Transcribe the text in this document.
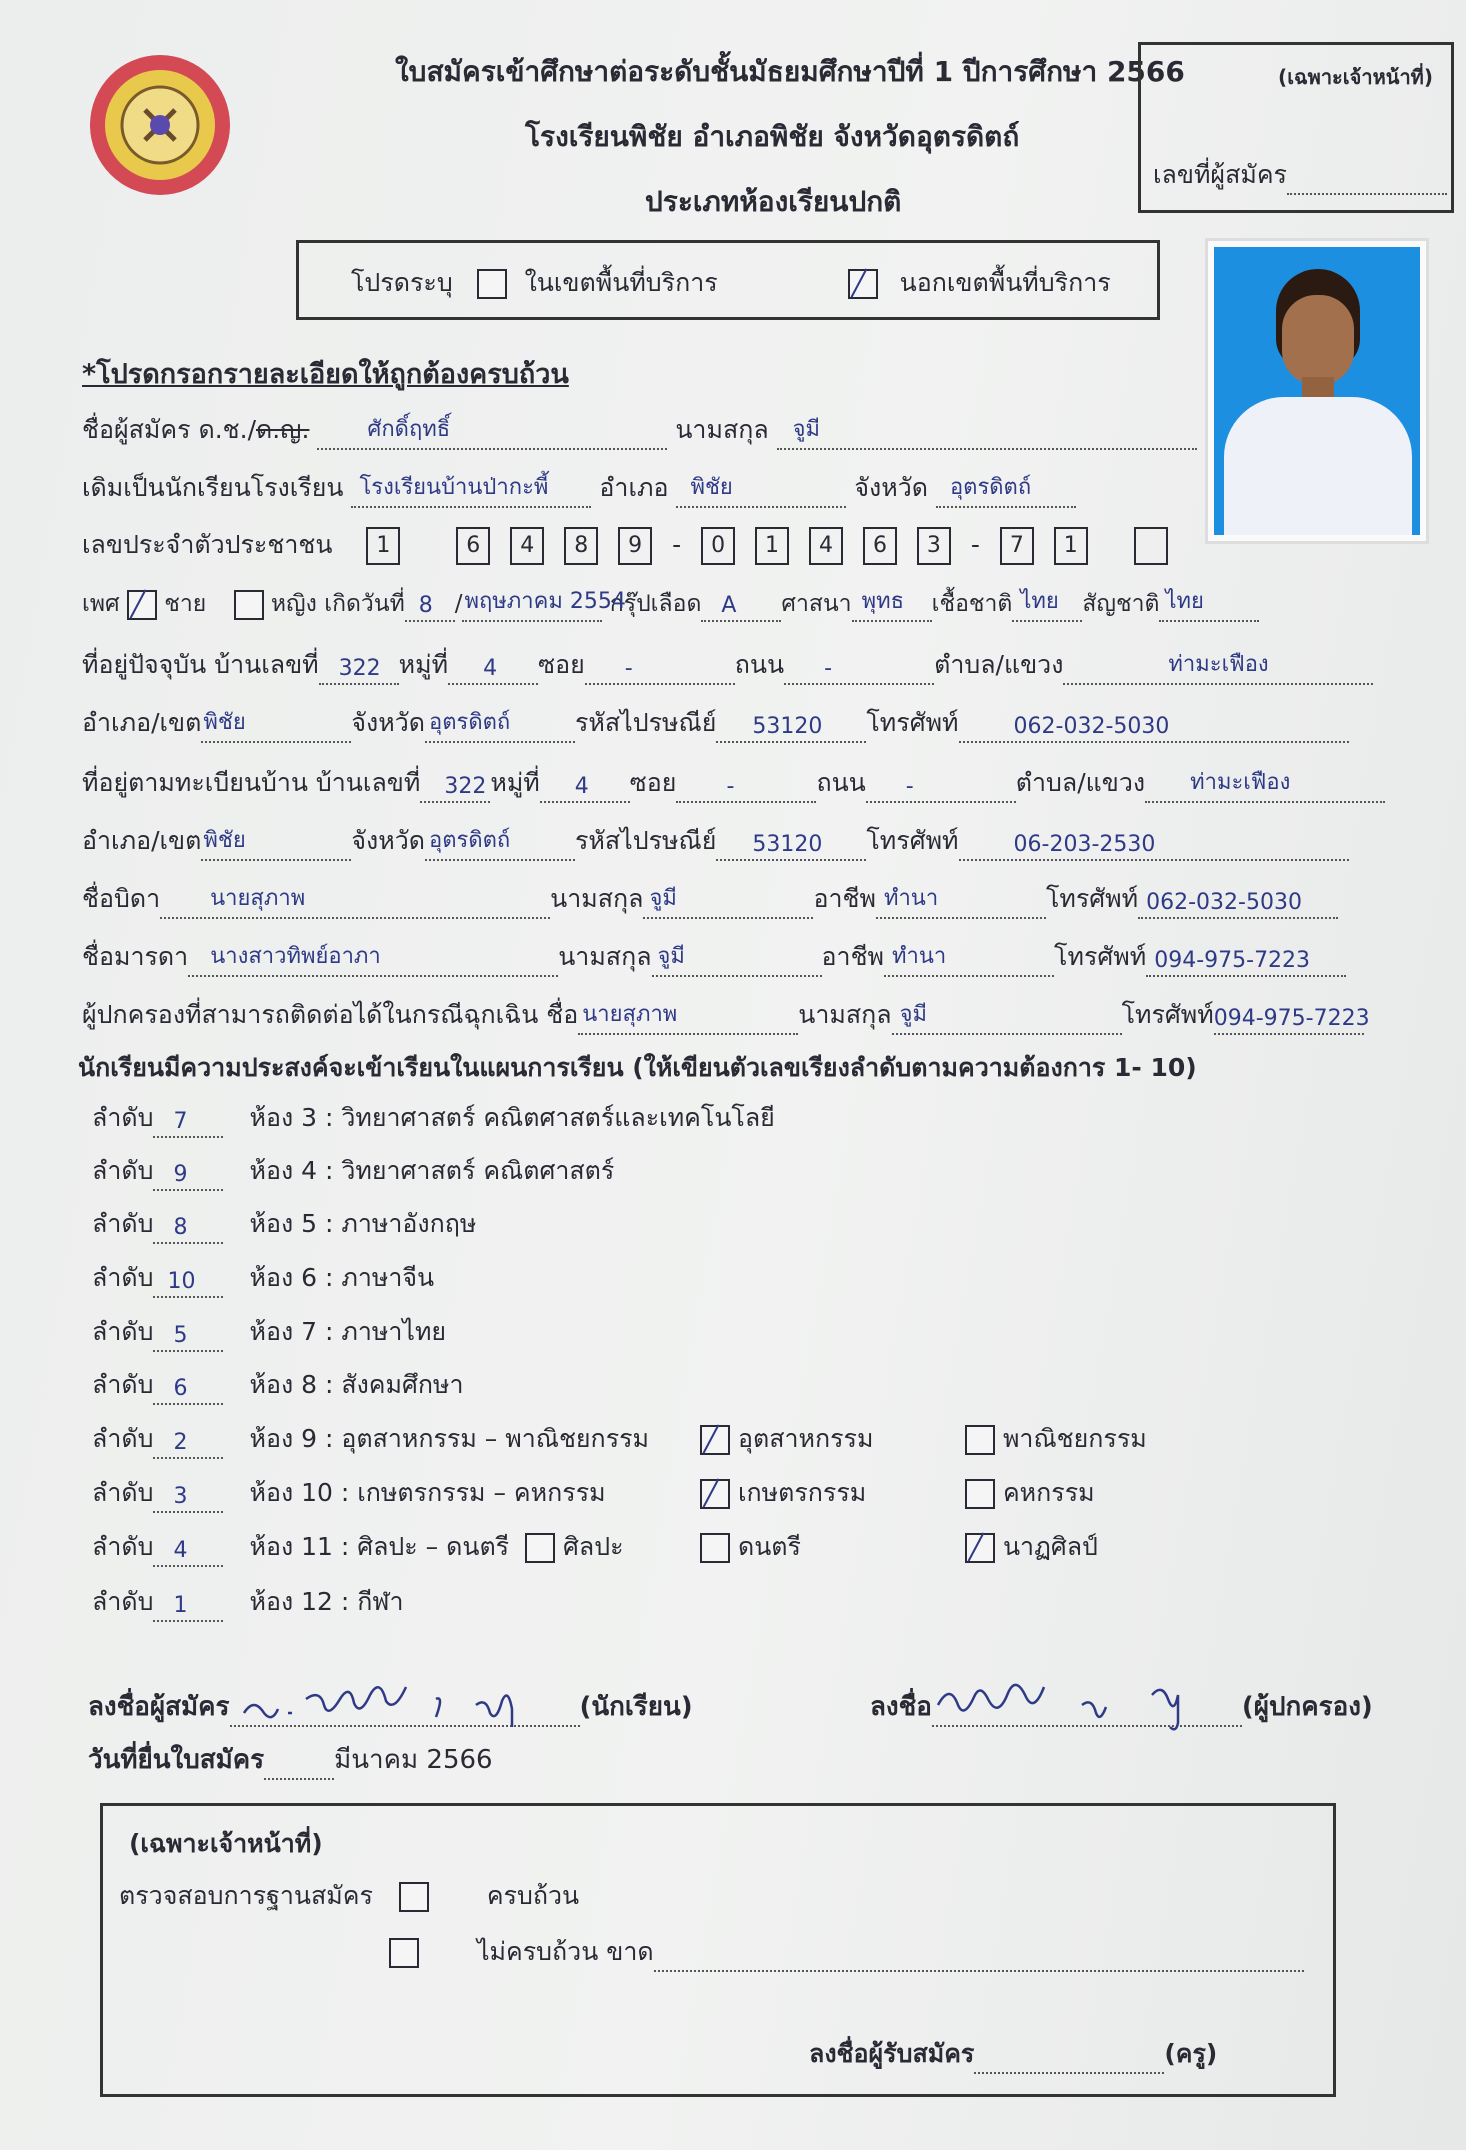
ใบสมัครเข้าศึกษาต่อระดับชั้นมัธยมศึกษาปีที่ 1 ปีการศึกษา 2566
โรงเรียนพิชัย อำเภอพิชัย จังหวัดอุตรดิตถ์
ประเภทห้องเรียนปกติ
(เฉพาะเจ้าหน้าที่)
เลขที่ผู้สมัคร
โปรดระบุ	ในเขตพื้นที่บริการ	นอกเขตพื้นที่บริการ
*โปรดกรอกรายละเอียดให้ถูกต้องครบถ้วน
ชื่อผู้สมัคร ด.ช./ด.ญ.	ศักดิ์ฤทธิ์	นามสกุล จูมี
เดิมเป็นนักเรียนโรงเรียน โรงเรียนบ้านป่ากะพี้ อำเภอ พิชัย	จังหวัด อุตรดิตถ์
เลขประจำตัวประชาชน 1	6 4 8 9 - 0 1 4 6 3 - 7 1
เพศ ชาย	หญิง เกิดวันที่ 8 / พฤษภาคม 2554
กรุ๊ปเลือด A ศาสนา พุทธ เชื้อชาติ ไทย สัญชาติ ไทย
ที่อยู่ปัจจุบัน บ้านเลขที่ 322 หมู่ที่ 4 ซอย -	ถนน -	ตำบล/แขวง	ท่ามะเฟือง
อำเภอ/เขต พิชัย	จังหวัด อุตรดิตถ์	รหัสไปรษณีย์ 53120 โทรศัพท์	062-032-5030
ที่อยู่ตามทะเบียนบ้าน บ้านเลขที่ 322 หมู่ที่ 4 ซอย -	ถนน -	ตำบล/แขวง ท่ามะเฟือง
อำเภอ/เขต พิชัย	จังหวัด อุตรดิตถ์	รหัสไปรษณีย์ 53120 โทรศัพท์	06-203-2530
ชื่อบิดา นายสุภาพ	นามสกุล จูมี	อาชีพ ทำนา	โทรศัพท์ 062-032-5030
ชื่อมารดา นางสาวทิพย์อาภา	นามสกุล จูมี	อาชีพ ทำนา	โทรศัพท์ 094-975-7223
ผู้ปกครองที่สามารถติดต่อได้ในกรณีฉุกเฉิน ชื่อ นายสุภาพ	นามสกุล จูมี	โทรศัพท์ 094-975-7223
นักเรียนมีความประสงค์จะเข้าเรียนในแผนการเรียน (ให้เขียนตัวเลขเรียงลำดับตามความต้องการ 1- 10)
ลำดับ 7 ห้อง 3 : วิทยาศาสตร์ คณิตศาสตร์และเทคโนโลยี
ลำดับ 9 ห้อง 4 : วิทยาศาสตร์ คณิตศาสตร์
ลำดับ 8 ห้อง 5 : ภาษาอังกฤษ
ลำดับ 10 ห้อง 6 : ภาษาจีน
ลำดับ 5 ห้อง 7 : ภาษาไทย
ลำดับ 6 ห้อง 8 : สังคมศึกษา
ลำดับ 2 ห้อง 9 : อุตสาหกรรม – พาณิชยกรรม	อุตสาหกรรม	พาณิชยกรรม
ลำดับ 3 ห้อง 10 : เกษตรกรรม – คหกรรม	เกษตรกรรม	คหกรรม
ลำดับ 4 ห้อง 11 : ศิลปะ – ดนตรี ศิลปะ	ดนตรี	นาฏศิลป์
ลำดับ 1 ห้อง 12 : กีฬา
ลงชื่อผู้สมัคร	(นักเรียน)	ลงชื่อ	(ผู้ปกครอง)
วันที่ยื่นใบสมัคร	มีนาคม 2566
(เฉพาะเจ้าหน้าที่)
ตรวจสอบการฐานสมัคร	ครบถ้วน
ไม่ครบถ้วน ขาด
ลงชื่อผู้รับสมัคร	(ครู)
